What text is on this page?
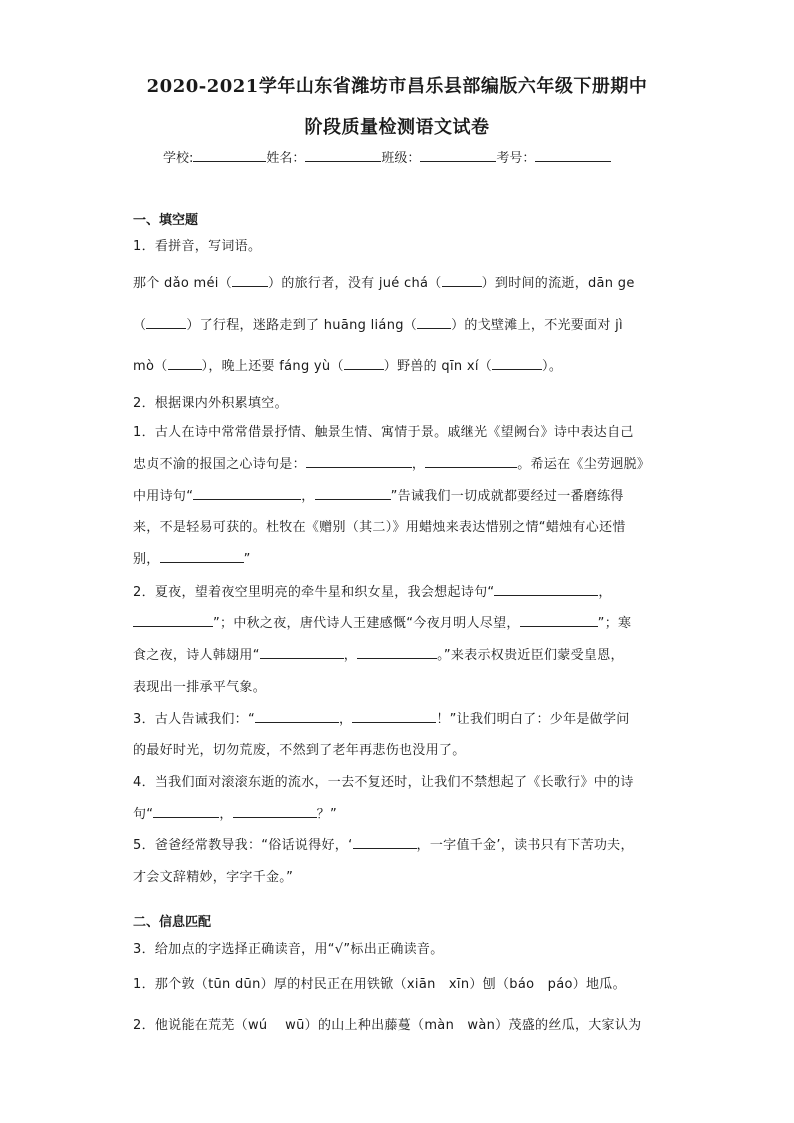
2020-2021学年山东省潍坊市昌乐县部编版六年级下册期中
阶段质量检测语文试卷
学校:	姓名：	班级：	考号：
一、填空题
1．看拼音，写词语。
那个 dǎo méi（	）的旅行者，没有 jué chá（	）到时间的流逝，dān ge
（	）了行程，迷路走到了 huāng liáng（	）的戈壁滩上，不光要面对 jì
mò（	），晚上还要 fáng yù（	）野兽的 qīn xí（	）。
2．根据课内外积累填空。
1．古人在诗中常常借景抒情、触景生情、寓情于景。戚继光《望阙台》诗中表达自己
忠贞不渝的报国之心诗句是：	，	。希运在《尘劳迥脱》
中用诗句“	，	”告诫我们一切成就都要经过一番磨练得
来，不是轻易可获的。杜牧在《赠别（其二）》用蜡烛来表达惜别之情“蜡烛有心还惜
别，	”
2．夏夜，望着夜空里明亮的牵牛星和织女星，我会想起诗句“	，
”；中秋之夜，唐代诗人王建感慨“今夜月明人尽望，	”；寒
食之夜，诗人韩翃用“	，	。”来表示权贵近臣们蒙受皇恩，
表现出一排承平气象。
3．古人告诫我们：“	，	！”让我们明白了：少年是做学问
的最好时光，切勿荒废，不然到了老年再悲伤也没用了。
4．当我们面对滚滚东逝的流水，一去不复还时，让我们不禁想起了《长歌行》中的诗
句“	，	？”
5．爸爸经常教导我：“俗话说得好，‘	，一字值千金’，读书只有下苦功夫，
才会文辞精妙，字字千金。”
二、信息匹配
3．给加点的字选择正确读音，用“√”标出正确读音。
1．那个敦（tūn dūn）厚的村民正在用铁锨（xiān　xīn）刨（báo　páo）地瓜。
2．他说能在荒芜（wú　 wū）的山上种出藤蔓（màn　wàn）茂盛的丝瓜，大家认为
